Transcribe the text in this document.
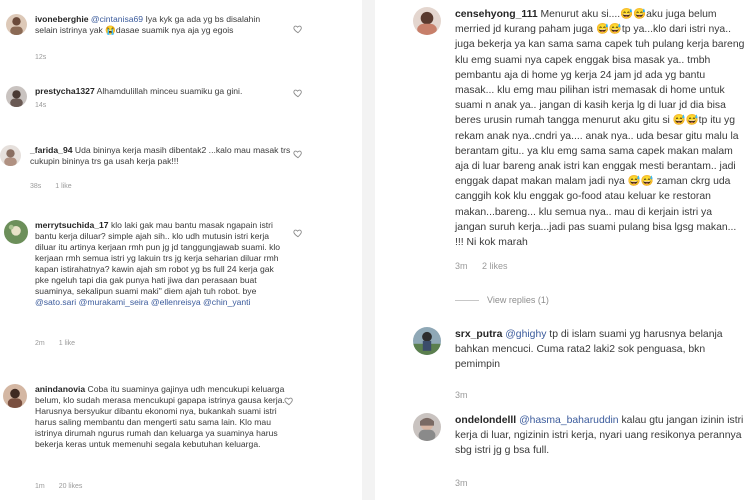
ivoneberghie @cintanisa69 Iya kyk ga ada yg bs disalahin selain istrinya yak 😭dasae suamik nya aja yg egois
12s
prestycha1327 Alhamdulillah minceu suamiku ga gini.
14s
_farida_94 Uda bininya kerja masih dibentak2 ...kalo mau masak trs cukupin bininya trs ga usah kerja pak!!!
38s 1 like
merrytsuchida_17 klo laki gak mau bantu masak ngapain istri bantu kerja diluar? simple ajah sih.. klo udh mutusin istri kerja diluar itu artinya kerjaan rmh pun jg jd tanggungjawab suami. klo kerjaan rmh semua istri yg lakuin trs jg kerja seharian diluar rmh kapan istirahatnya? kawin ajah sm robot yg bs full 24 kerja gak pke ngeluh tapi dia gak punya hati jiwa dan perasaan buat suaminya, sekalipun suami maki" diem ajah tuh robot. bye @sato.sari @murakami_seira @ellenreisya @chin_yanti
2m 1 like
anindanovia Coba itu suaminya gajinya udh mencukupi keluarga belum, klo sudah merasa mencukupi gapapa istrinya gausa kerja. Harusnya bersyukur dibantu ekonomi nya, bukankah suami istri harus saling membantu dan mengerti satu sama lain. Klo mau istrinya dirumah ngurus rumah dan keluarga ya suaminya harus bekerja keras untuk memenuhi segala kebutuhan keluarga.
1m 20 likes
censehyong_111 Menurut aku si....😅😅aku juga belum merried jd kurang paham juga 😅😅tp ya...klo dari istri nya.. juga bekerja ya kan sama sama capek tuh pulang kerja bareng klu emg suami nya capek enggak bisa masak ya.. tmbh pembantu aja di home yg kerja 24 jam jd ada yg bantu masak... klu emg mau pilihan istri memasak di home untuk suami n anak ya.. jangan di kasih kerja lg di luar jd dia bisa beres urusin rumah tangga menurut aku gitu si 😅😅tp itu yg rekam anak nya..cndri ya.... anak nya.. uda besar gitu malu la berantam gitu.. ya klu emg sama sama capek makan malam aja di luar bareng anak istri kan enggak mesti berantam.. jadi enggak dapat makan malam jadi nya 😅😅 zaman ckrg uda canggih kok klu enggak go-food atau keluar ke restoran makan...bareng... klu semua nya.. mau di kerjain istri ya jangan suruh kerja...jadi pas suami pulang bisa lgsg makan... !!! Ni kok marah
3m 2 likes
View replies (1)
srx_putra @ghighy tp di islam suami yg harusnya belanja bahkan mencuci. Cuma rata2 laki2 sok penguasa, bkn pemimpin
3m
ondelondelll @hasma_baharuddin kalau gtu jangan izinin istri kerja di luar, ngizinin istri kerja, nyari uang resikonya perannya sbg istri jg g bsa full.
3m
